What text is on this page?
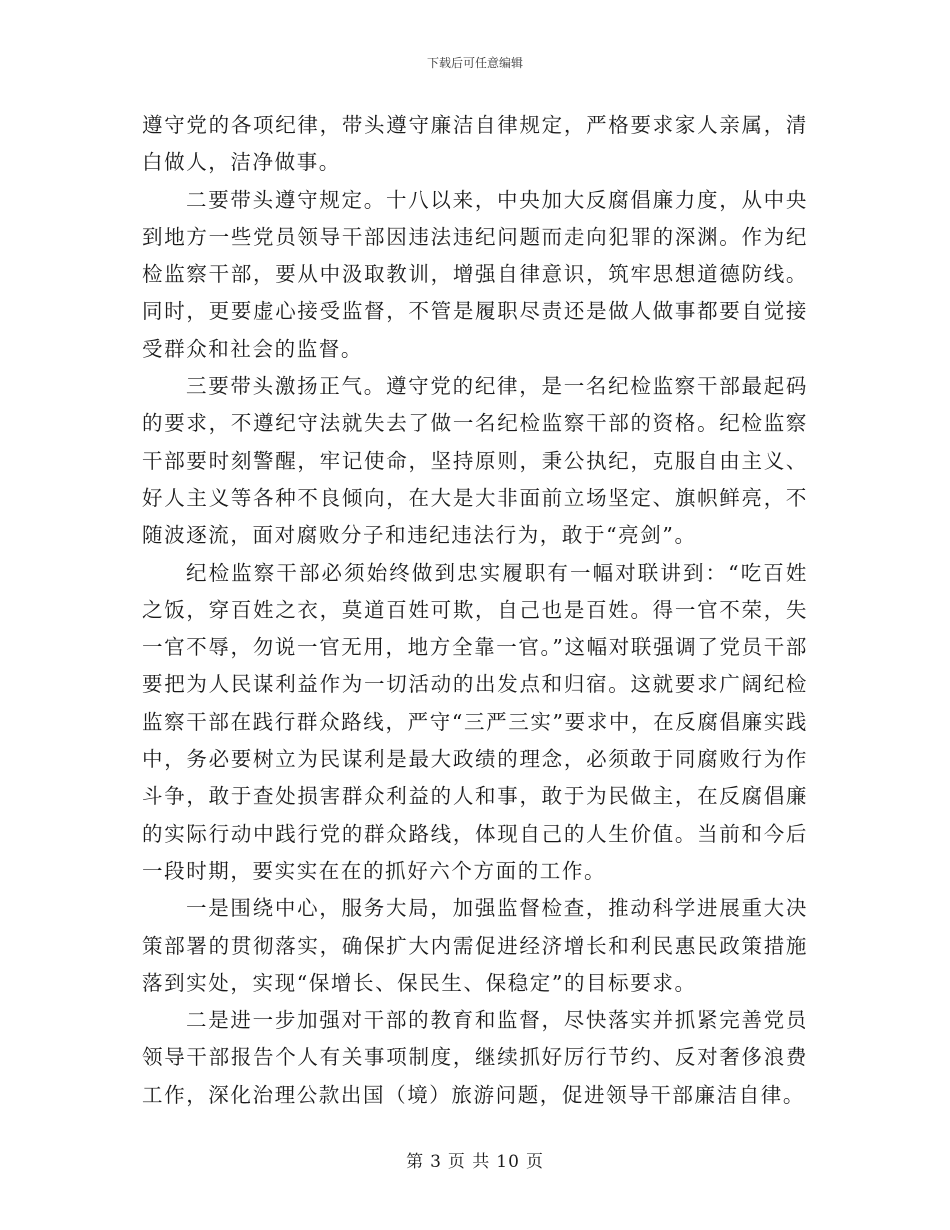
下载后可任意编辑

遵守党的各项纪律，带头遵守廉洁自律规定，严格要求家人亲属，清白做人，洁净做事。

二要带头遵守规定。十八以来，中央加大反腐倡廉力度，从中央到地方一些党员领导干部因违法违纪问题而走向犯罪的深渊。作为纪检监察干部，要从中汲取教训，增强自律意识，筑牢思想道德防线。同时，更要虚心接受监督，不管是履职尽责还是做人做事都要自觉接受群众和社会的监督。

三要带头激扬正气。遵守党的纪律，是一名纪检监察干部最起码的要求，不遵纪守法就失去了做一名纪检监察干部的资格。纪检监察干部要时刻警醒，牢记使命，坚持原则，秉公执纪，克服自由主义、好人主义等各种不良倾向，在大是大非面前立场坚定、旗帜鲜亮，不随波逐流，面对腐败分子和违纪违法行为，敢于“亮剑”。

纪检监察干部必须始终做到忠实履职有一幅对联讲到：“吃百姓之饭，穿百姓之衣，莫道百姓可欺，自己也是百姓。得一官不荣，失一官不辱，勿说一官无用，地方全靠一官。”这幅对联强调了党员干部要把为人民谋利益作为一切活动的出发点和归宿。这就要求广阔纪检监察干部在践行群众路线，严守“三严三实”要求中，在反腐倡廉实践中，务必要树立为民谋利是最大政绩的理念，必须敢于同腐败行为作斗争，敢于查处损害群众利益的人和事，敢于为民做主，在反腐倡廉的实际行动中践行党的群众路线，体现自己的人生价值。当前和今后一段时期，要实实在在的抓好六个方面的工作。

一是围绕中心，服务大局，加强监督检查，推动科学进展重大决策部署的贯彻落实，确保扩大内需促进经济增长和利民惠民政策措施落到实处，实现“保增长、保民生、保稳定”的目标要求。

二是进一步加强对干部的教育和监督，尽快落实并抓紧完善党员领导干部报告个人有关事项制度，继续抓好厉行节约、反对奢侈浪费工作，深化治理公款出国（境）旅游问题，促进领导干部廉洁自律。

第 3 页 共 10 页
